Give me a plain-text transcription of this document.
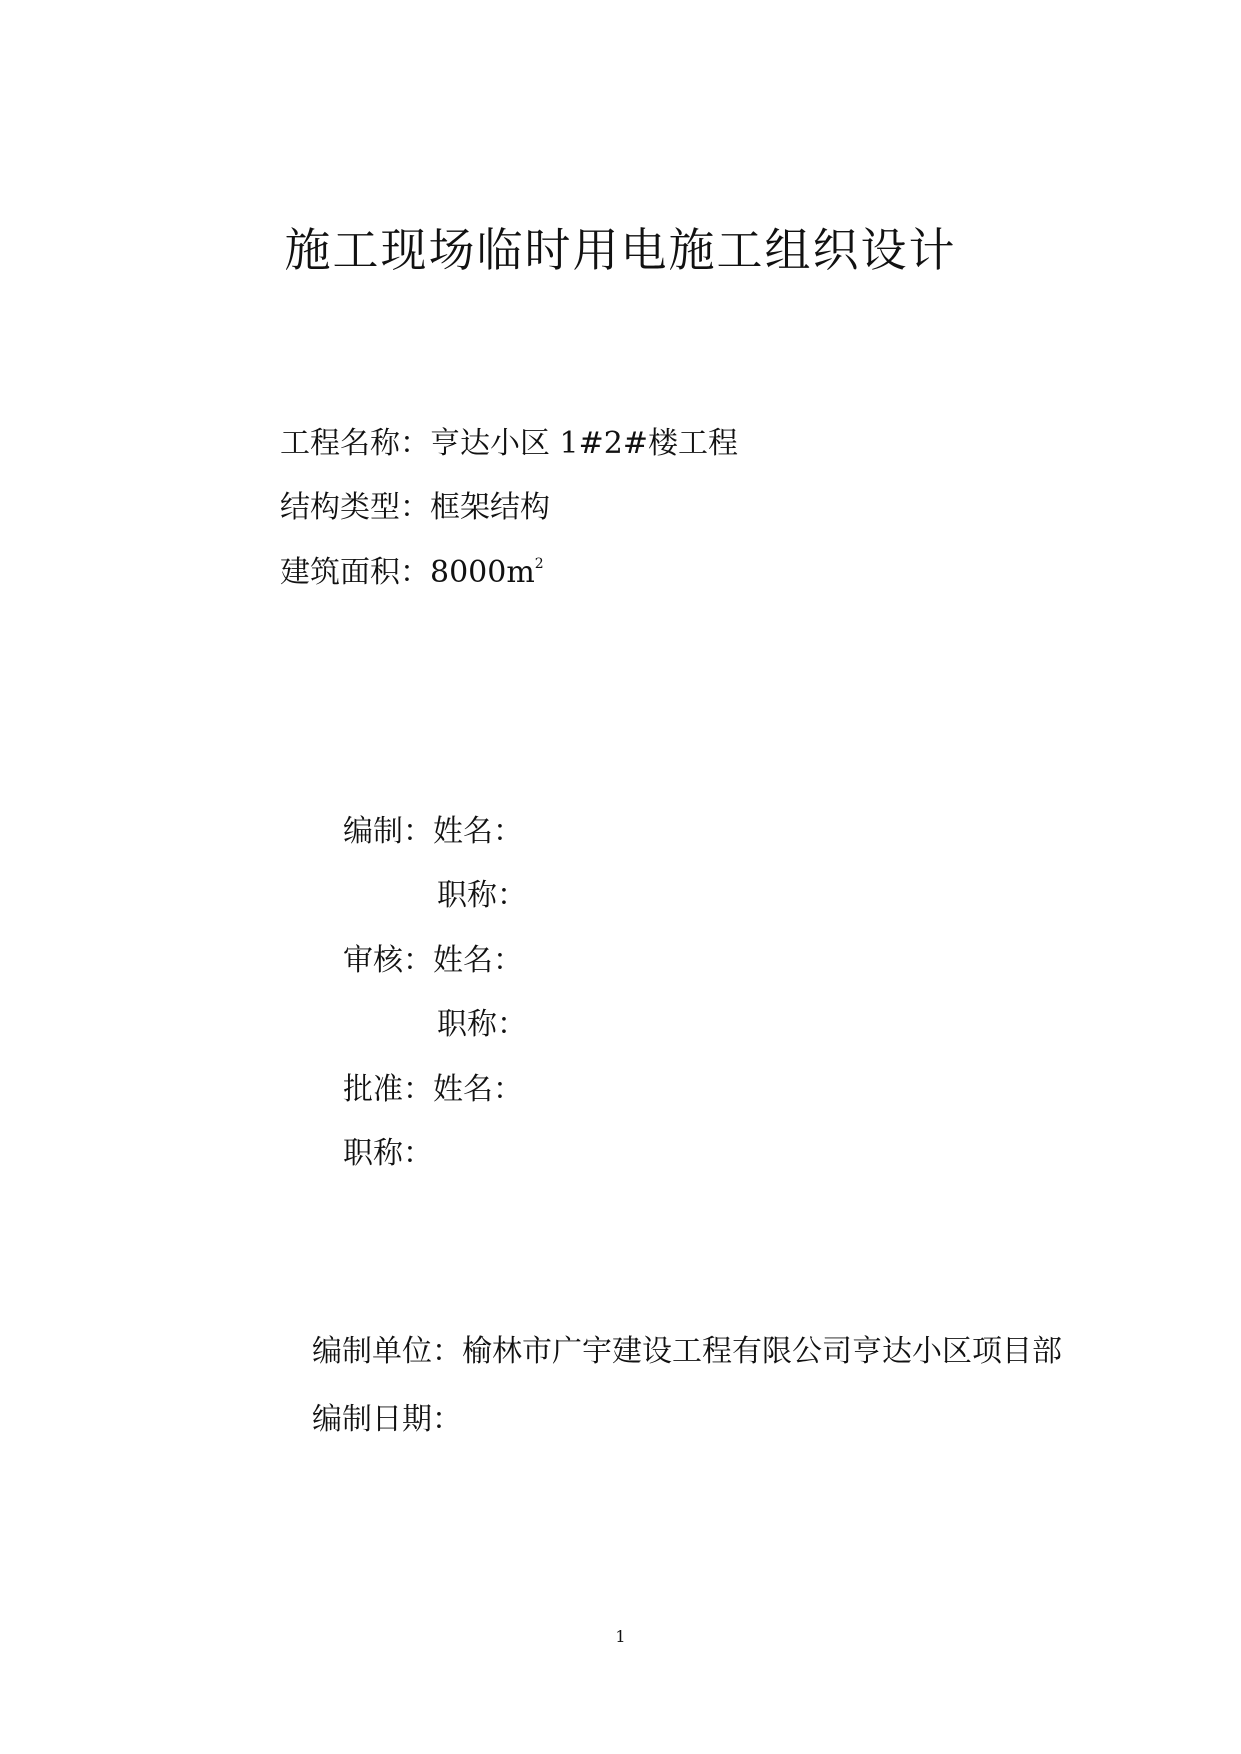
施工现场临时用电施工组织设计
工程名称：亨达小区 1#2#楼工程
结构类型：框架结构
建筑面积：$8000m^2$
编制：姓名：
职称：
审核：姓名：
职称：
批准：姓名：
职称：
编制单位：榆林市广宇建设工程有限公司亨达小区项目部
编制日期：
1
